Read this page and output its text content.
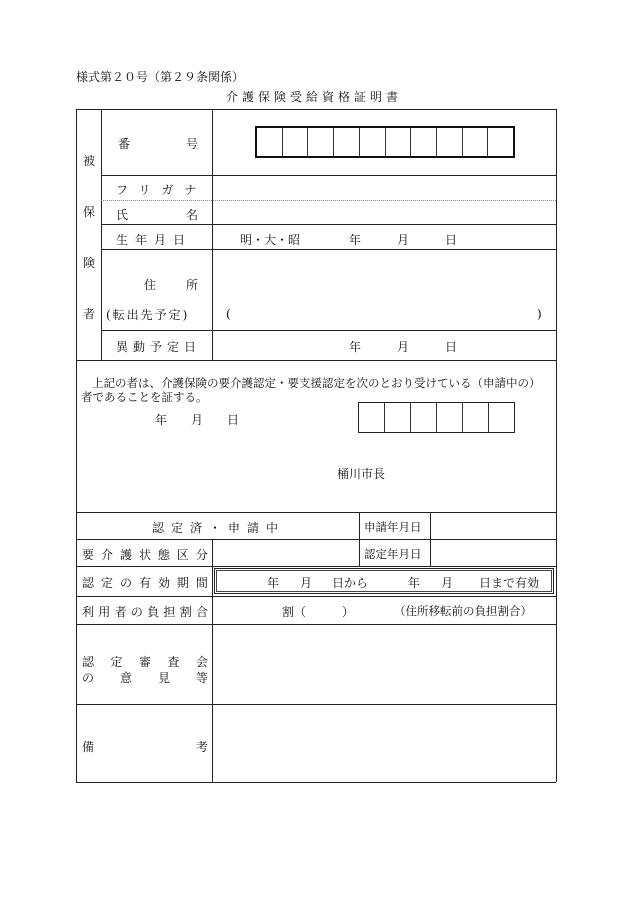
様式第２０号（第２９条関係）
介護保険受給資格証明書
被
保
険
者
番	号
フリガナ
氏	名
生年月日	明・大・昭	年	月	日
住 所
(転出先予定)	(	)
異動予定日	年	月	日
上記の者は、介護保険の要介護認定・要支援認定を次のとおり受けている（申請中の）
者であることを証する。
年 月 日
桶川市長
認定済・申請中	申請年月日
要 介 護 状 態 区 分	認定年月日
認 定 の 有 効 期 間	年 月 日から	年 月 日まで有効
利 用 者 の 負 担 割 合	割（　　　）	（住所移転前の負担割合）
認 定 審 査 会
の 意 見 等
備	考
